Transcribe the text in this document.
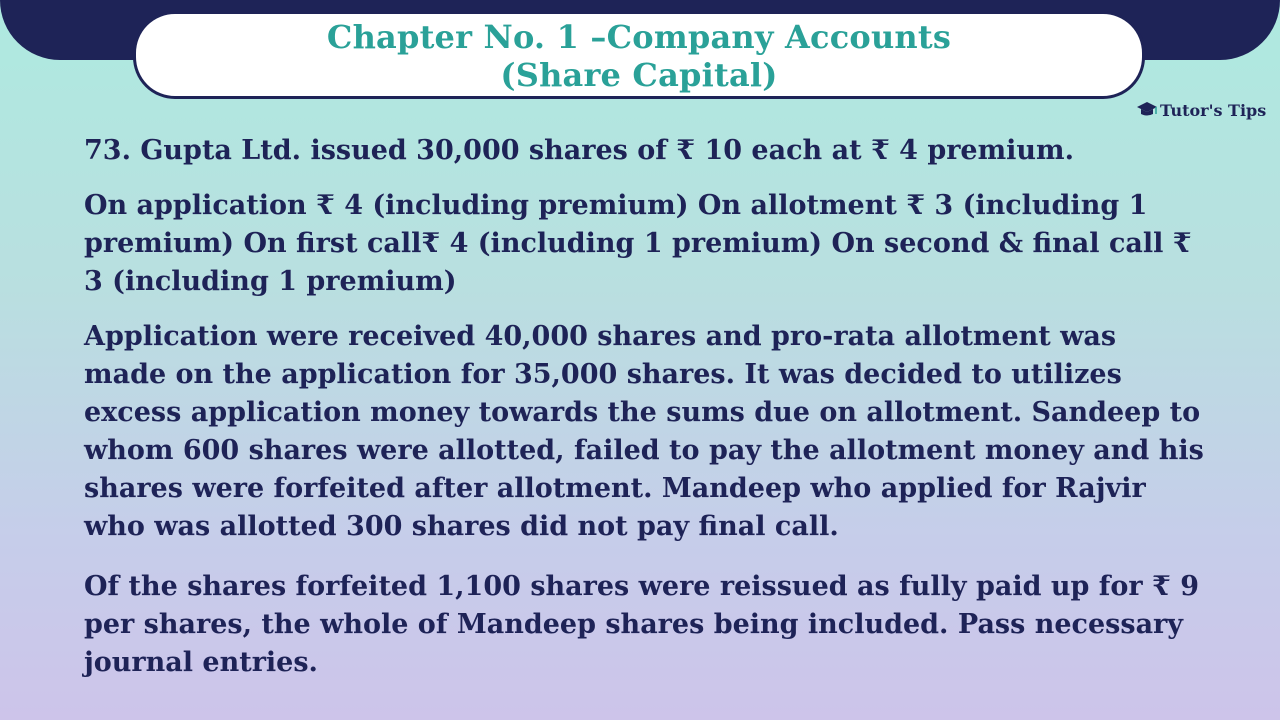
Chapter No. 1 –Company Accounts
(Share Capital)
Tutor's Tips

73. Gupta Ltd. issued 30,000 shares of ₹ 10 each at ₹ 4 premium.

On application ₹ 4 (including premium) On allotment ₹ 3 (including 1 premium) On first call₹ 4 (including 1 premium) On second & final call ₹ 3 (including 1 premium)

Application were received 40,000 shares and pro-rata allotment was made on the application for 35,000 shares. It was decided to utilizes excess application money towards the sums due on allotment. Sandeep to whom 600 shares were allotted, failed to pay the allotment money and his shares were forfeited after allotment. Mandeep who applied for Rajvir who was allotted 300 shares did not pay final call.

Of the shares forfeited 1,100 shares were reissued as fully paid up for ₹ 9 per shares, the whole of Mandeep shares being included. Pass necessary journal entries.
